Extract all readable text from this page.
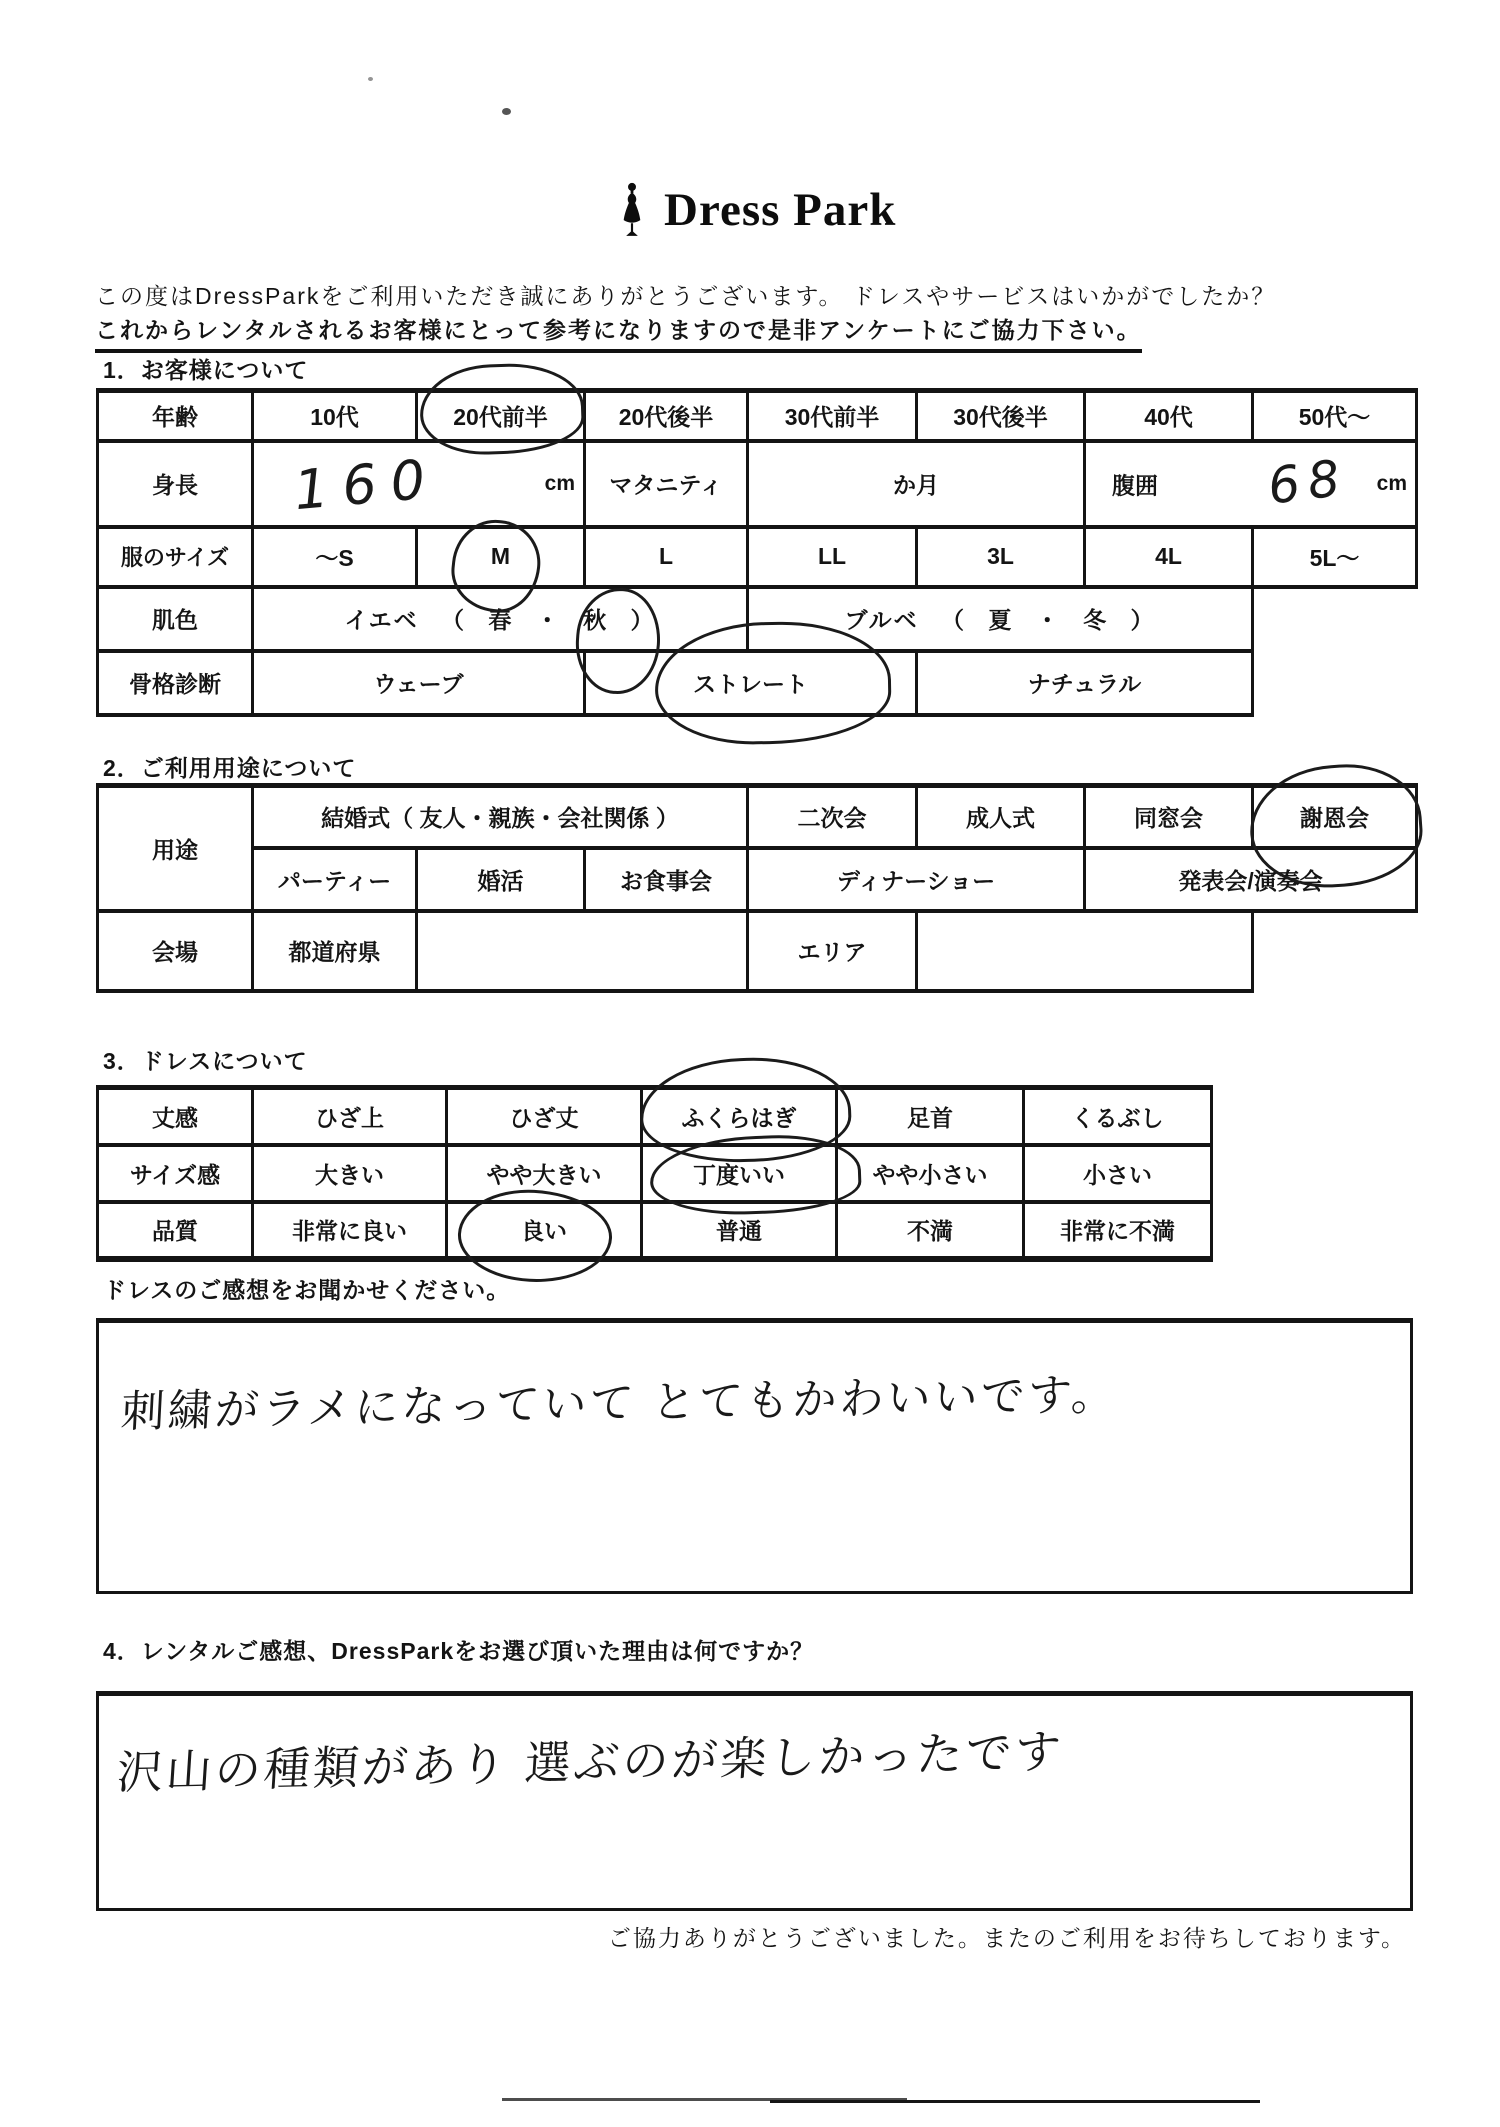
Dress Park
この度はDressParkをご利用いただき誠にありがとうございます。 ドレスやサービスはいかがでしたか？
これからレンタルされるお客様にとって参考になりますので是非アンケートにご協力下さい。
1．お客様について
年齢	10代	20代前半	20代後半	30代前半	30代後半	40代	50代～
身長	160 cm		マタニティ	か月		腹囲 68 cm	

服のサイズ	～S	M	L	LL	3L	4L	5L～
肌色	イエベ （ 春 ・ 秋 ）			ブルベ （ 夏 ・ 冬 ）			
骨格診断	ウェーブ		ストレート		ナチュラル		
2．ご利用用途について
用途	結婚式（ 友人・親族・会社関係 ）			二次会	成人式	同窓会	謝恩会
	パーティー	婚活	お食事会	ディナーショー		発表会/演奏会	
会場	都道府県			エリア			
3．ドレスについて
丈感	ひざ上	ひざ丈	ふくらはぎ	足首	くるぶし
サイズ感	大きい	やや大きい	丁度いい	やや小さい	小さい
品質	非常に良い	良い	普通	不満	非常に不満
ドレスのご感想をお聞かせください。
刺繍がラメになっていて とてもかわいいです。
4．レンタルご感想、DressParkをお選び頂いた理由は何ですか？
沢山の種類があり 選ぶのが楽しかったです
ご協力ありがとうございました。またのご利用をお待ちしております。
